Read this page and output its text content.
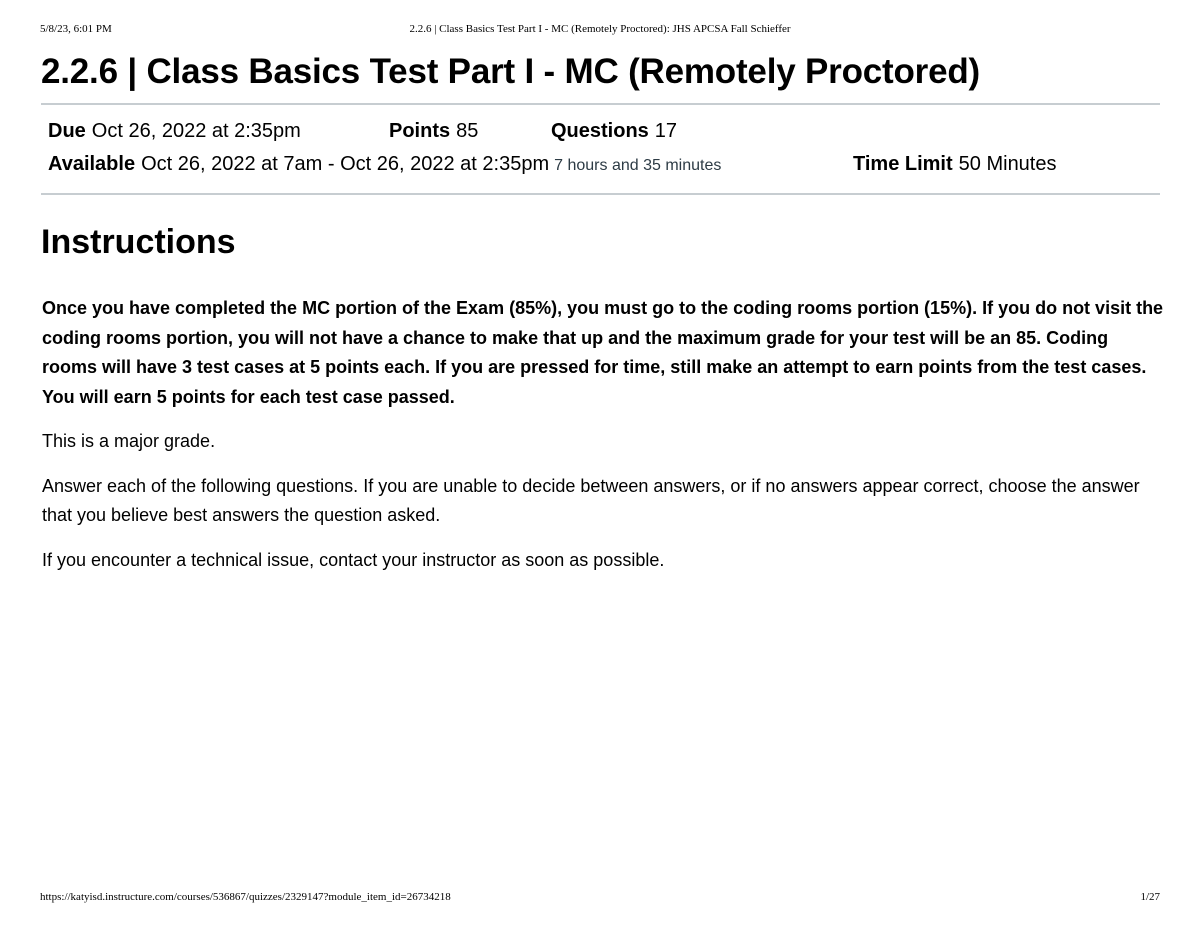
5/8/23, 6:01 PM	2.2.6 | Class Basics Test Part I - MC (Remotely Proctored): JHS APCSA Fall Schieffer
2.2.6 | Class Basics Test Part I - MC (Remotely Proctored)
Due Oct 26, 2022 at 2:35pm	Points 85	Questions 17
Available Oct 26, 2022 at 7am - Oct 26, 2022 at 2:35pm 7 hours and 35 minutes	Time Limit 50 Minutes
Instructions

Once you have completed the MC portion of the Exam (85%), you must go to the coding rooms portion (15%). If you do not visit the coding rooms portion, you will not have a chance to make that up and the maximum grade for your test will be an 85. Coding rooms will have 3 test cases at 5 points each. If you are pressed for time, still make an attempt to earn points from the test cases. You will earn 5 points for each test case passed.

This is a major grade.

Answer each of the following questions. If you are unable to decide between answers, or if no answers appear correct, choose the answer that you believe best answers the question asked.

If you encounter a technical issue, contact your instructor as soon as possible.

https://katyisd.instructure.com/courses/536867/quizzes/2329147?module_item_id=26734218	1/27
